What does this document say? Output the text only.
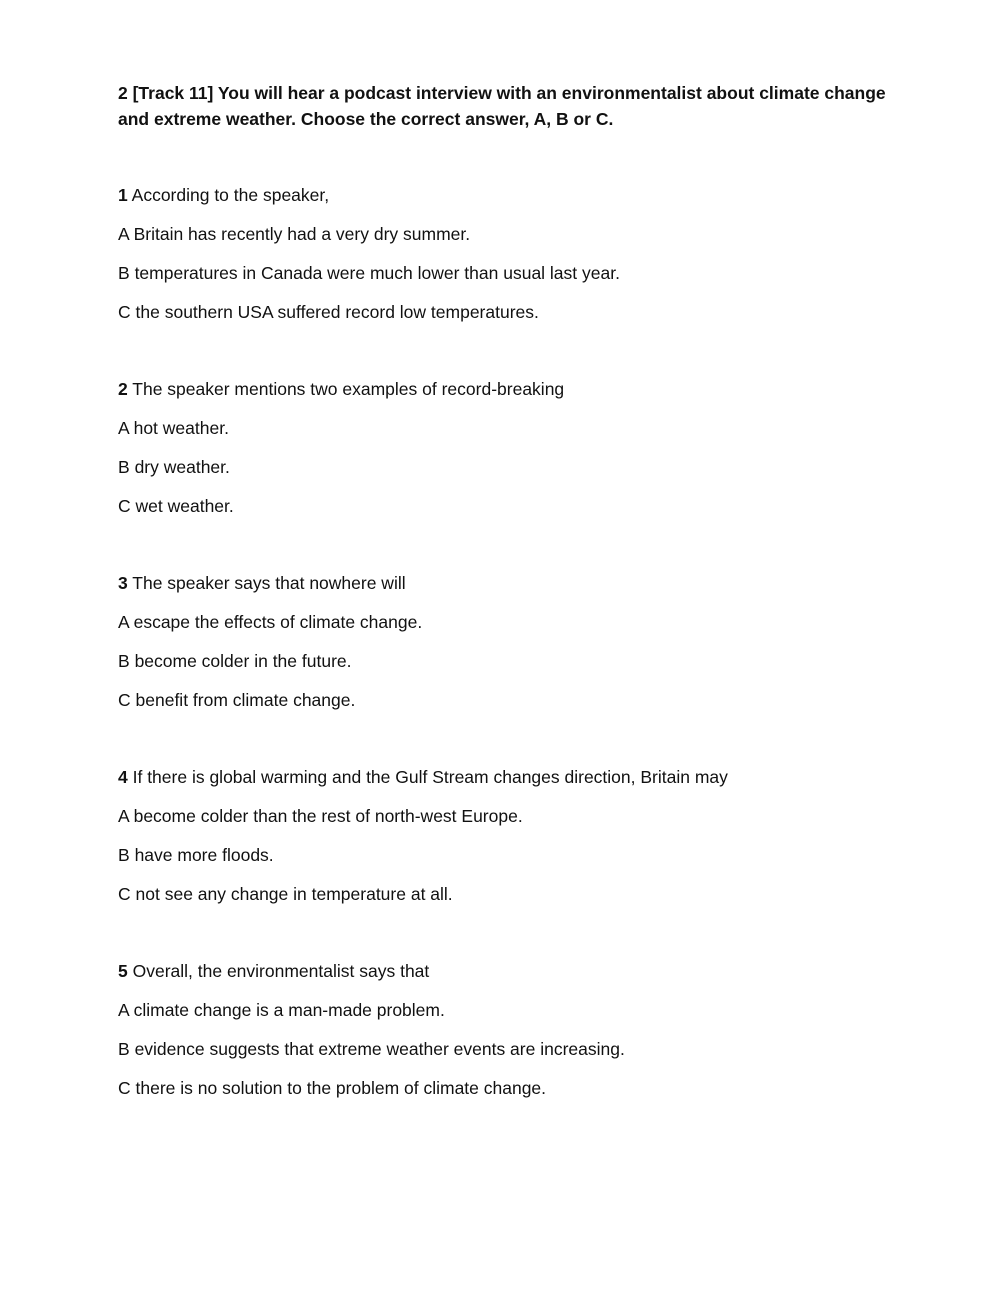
2 [Track 11] You will hear a podcast interview with an environmentalist about climate change and extreme weather. Choose the correct answer, A, B or C.

1 According to the speaker,
A Britain has recently had a very dry summer.
B temperatures in Canada were much lower than usual last year.
C the southern USA suffered record low temperatures.
2 The speaker mentions two examples of record-breaking
A hot weather.
B dry weather.
C wet weather.
3 The speaker says that nowhere will
A escape the effects of climate change.
B become colder in the future.
C benefit from climate change.
4 If there is global warming and the Gulf Stream changes direction, Britain may
A become colder than the rest of north-west Europe.
B have more floods.
C not see any change in temperature at all.
5 Overall, the environmentalist says that
A climate change is a man-made problem.
B evidence suggests that extreme weather events are increasing.
C there is no solution to the problem of climate change.
